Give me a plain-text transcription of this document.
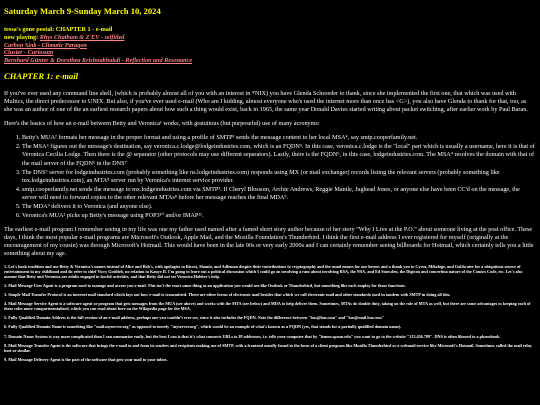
Saturday March 9-Sunday March 10, 2024
tessa's gone postal: CHAPTER 1 - e-mail
now playing: Rhys Chatham & Z'EV - selfitled
Carbon Sink - Climatic Paragon
Cluster - Curiosum
Bernhard Günter & Dorothea Krishnabhakdi - Reflection and Resonance
CHAPTER 1: e-mail

If you've ever used any command line shell, (which is probably almost all of you with an interest in *NIX) you have Glenda Schroeder to thank, since she implemented the first one, that which was used with Multics, the direct predecessor to UNIX. But also, if you've ever used e-mail (Who am I kidding, almost everyone who's used the internet more than once has <G>), you also have Glenda to thank for that, too, as she was an author of one of the an earliest research papers about how such a thing would exist, back in 1965, the same year Donald Davies started writing about packet switching, after earlier work by Paul Baran.

Here's the basics of how an e-mail between Betty and Veronica¹ works, with gratuitous (but purposeful) use of many acronyms:

1. Betty's MUA² formats her message in the proper format and using a profile of SMTP³ sends the message content to her local MSA⁴, say smtp.cooperfamily.net.
2. The MSA⁶ figures out the message's destination, say veronica.c.lodge@lodgeindustries.com, which is an FQDN⁵. In this case, veronica.c.lodge is the "local" part which is usually a username, here it is that of Veronica Cecilia Lodge. Then there is the @ separator (other protocols may use different separators). Lastly, there is the FQDN⁶, in this case, lodgeindustries.com. The MSA⁴ resolves the domain with that of the mail server of the FQDN⁶ in the DNS⁷
3. The DNS⁷ server for lodgeindustries.com (probably something like ns.lodgeindustries.com) responds using MX (or mail exchanger) records listing the relevant servers (probably something like mx.lodgeindustries.com), an MTA⁸ server run by Veronica's internet service provider.
4. smtp.cooperfamily.net sends the message to mx.lodgeindustries.com via SMTP³. If Cheryl Blossom, Archie Andrews, Reggie Mantle, Jughead Jones, or anyone else have been CC'd on the message, the server will need to forward copies to the other relevant MTAs⁸ before her message reaches the final MDA⁹.
5. The MDA⁹ delivers it to Veronica (and anyone else).
6. Veronica's MUA² picks up Betty's message using POP3¹⁰ and/or IMAP¹¹.

The earliest e-mail program I remember seeing in my life was one my father used named after a famed short story author because of her story "Why I Live at the P.O." about someone living at the post office. These days, I think the most popular e-mail programs are Microsoft's Outlook, Apple Mail, and the Mozilla Foundation's Thunderbird. I think the first e-mail address I ever registered for myself (originally at the encouragement of my cousin) was through Microsoft's Hotmail. This would have been in the late 90s or very early 2000s and I can certainly remember seeing billboards for Hotmail, which certainly tells you a little something about my age.

1. Let's book tradition and use Betty & Veronica's names instead of Alice and Bob's, with apologies to Rivest, Shamir, and Adleman despite their contributions to cryptography and the usual names for our heroes and a thank you to Cyrus, Mikeloge, and Goldwater for a ubiquitous source of entertainment in my childhood and do refer to chief Viccy Gottlieb, no relation to Kanye II. I'm going to leave out a political discussion which I could go on involving a rant about involving RSA, the NSA, and Ed Snowden, the Digicon and concertina nature of the Comics Code, etc. Let's also assume that Betty and Veronica are adults engaged in lawful activities, and that Betty did not set Veronica Hobber's help.

2. Mail Message User Agent is a program used to manage and access you e-mail. This isn't the exact same thing as an application you would use like Outlook or Thunderbird, but something like each employ for those functions.

3. Simple Mail Transfer Protocol is an internet mail standard which lays out how e-mail is transmitted. There are other forms of electronic mail besides that which we call electronic mail and other standards used in tandem with SMTP in doing all this.

4. Mail Message Service Agent is a software agent or program that gets messages from the MUA (see above) and works with the MTA (see below) and MDA to help deliver them. Sometimes, MTAs do double duty, taking on the role of MTA as well, but there are some advantages to keeping each of these roles more compartmentalized, which you can read about here on the Wikipedia page for the MSA.

5. Fully Qualified Domain Address is the full version of an e-mail address, perhaps one you wouldn't ever see, since it also includes the FQDN. Note the difference between "bas@bar.com" and "bas@mail.bar.com"

6. Fully Qualified Domain Name is something like "mail.myserver.org" as opposed to merely "myserver.org", which would be an example of what's known as a PQDN (yes, that stands for a partially qualified domain name).

7. Domain Name System is way more complicated than I can summarize easily, but the best I can is that it's what connects URLs to IP addresses, i.e. tells your computer that by "lemon.spoon.edu" you want to go to the website "123.456.789". DNS is often likened to a phonebook.

8. Mail Message Transfer Agent is the software that brings the e-mail to and from its senders and recipients making use of SMTP, with a frontend usually found in the form of a client program like Mozilla Thunderbird or a webmail service like Microsoft's Hotmail. Sometimes called the mail relay host or similar.

9. Mail Message Delivery Agent is the part of the software that gets your mail to your inbox.
